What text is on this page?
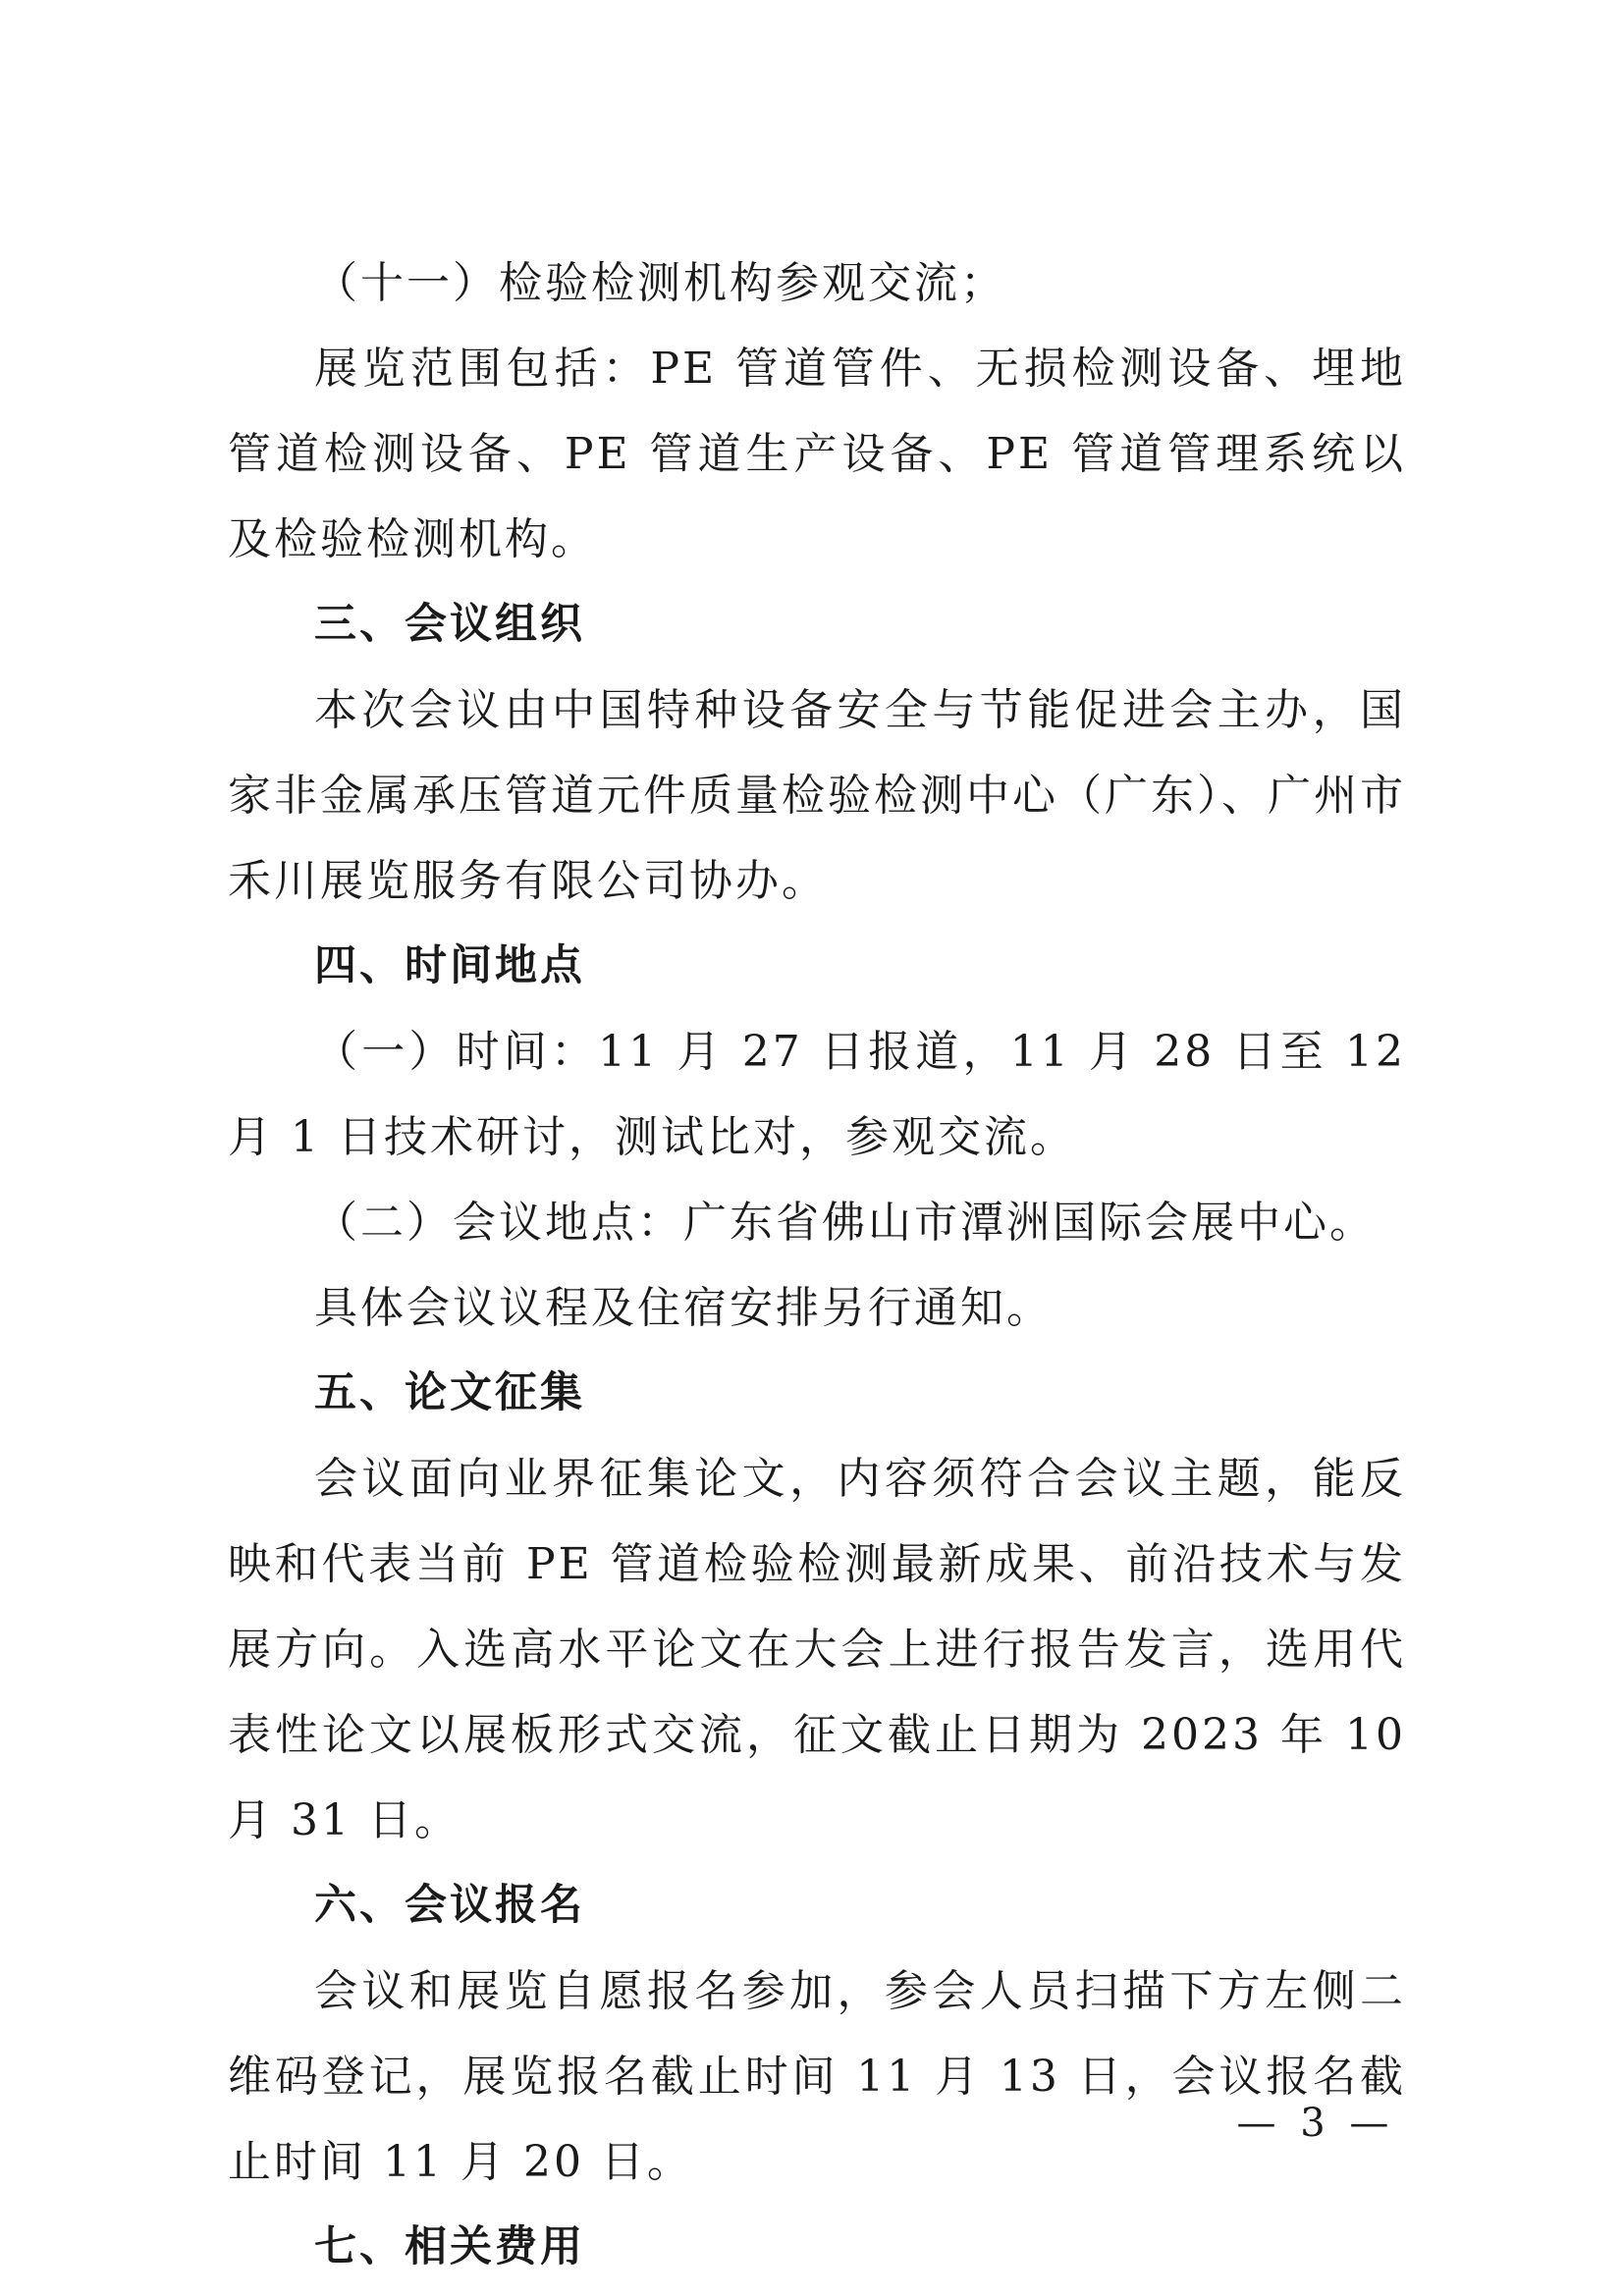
（十一）检验检测机构参观交流；

展览范围包括：PE 管道管件、无损检测设备、埋地管道检测设备、PE 管道生产设备、PE 管道管理系统以及检验检测机构。

三、会议组织

本次会议由中国特种设备安全与节能促进会主办，国家非金属承压管道元件质量检验检测中心（广东）、广州市禾川展览服务有限公司协办。

四、时间地点

（一）时间：11 月 27 日报道，11 月 28 日至 12 月 1 日技术研讨，测试比对，参观交流。

（二）会议地点：广东省佛山市潭洲国际会展中心。

具体会议议程及住宿安排另行通知。

五、论文征集

会议面向业界征集论文，内容须符合会议主题，能反映和代表当前 PE 管道检验检测最新成果、前沿技术与发展方向。入选高水平论文在大会上进行报告发言，选用代表性论文以展板形式交流，征文截止日期为 2023 年 10 月 31 日。

六、会议报名

会议和展览自愿报名参加，参会人员扫描下方左侧二维码登记，展览报名截止时间 11 月 13 日，会议报名截止时间 11 月 20 日。

七、相关费用

— 3 —
